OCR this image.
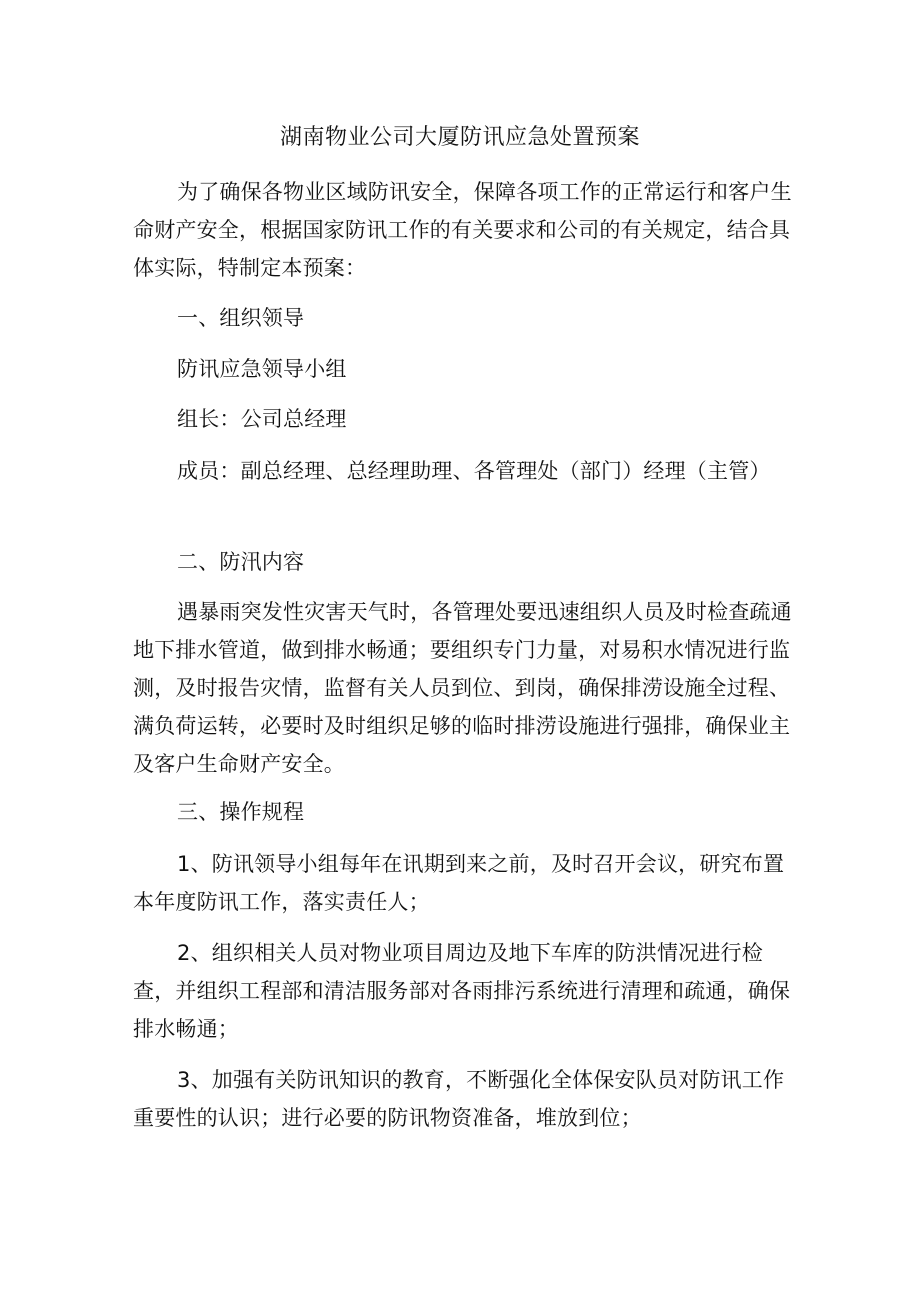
湖南物业公司大厦防讯应急处置预案

为了确保各物业区域防讯安全，保障各项工作的正常运行和客户生命财产安全，根据国家防讯工作的有关要求和公司的有关规定，结合具体实际，特制定本预案：

一、组织领导

防讯应急领导小组

组长：公司总经理

成员：副总经理、总经理助理、各管理处（部门）经理（主管）

二、防汛内容

遇暴雨突发性灾害天气时，各管理处要迅速组织人员及时检查疏通地下排水管道，做到排水畅通；要组织专门力量，对易积水情况进行监测，及时报告灾情，监督有关人员到位、到岗，确保排涝设施全过程、满负荷运转，必要时及时组织足够的临时排涝设施进行强排，确保业主及客户生命财产安全。

三、操作规程

1、防讯领导小组每年在讯期到来之前，及时召开会议，研究布置本年度防讯工作，落实责任人；

2、组织相关人员对物业项目周边及地下车库的防洪情况进行检查，并组织工程部和清洁服务部对各雨排污系统进行清理和疏通，确保排水畅通；

3、加强有关防讯知识的教育，不断强化全体保安队员对防讯工作重要性的认识；进行必要的防讯物资准备，堆放到位；
